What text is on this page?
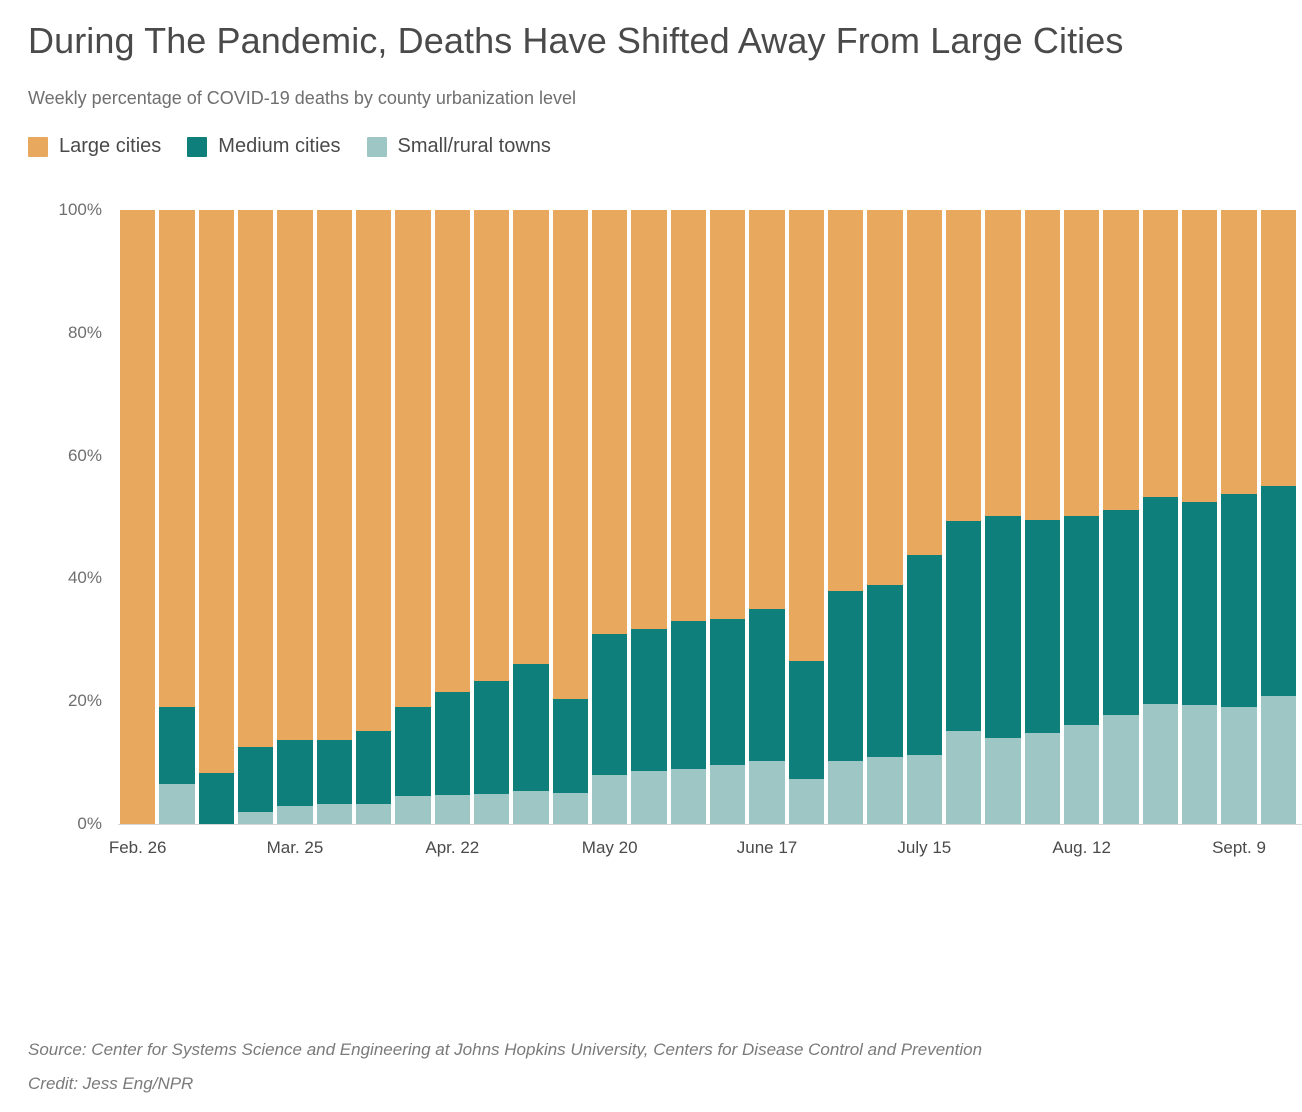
During The Pandemic, Deaths Have Shifted Away From Large Cities

Weekly percentage of COVID-19 deaths by county urbanization level

Large cities	Medium cities	Small/rural towns
0%
20%
40%
60%
80%
100%
Feb. 26	Mar. 25	Apr. 22	May 20	June 17	July 15	Aug. 12	Sept. 9

Source: Center for Systems Science and Engineering at Johns Hopkins University, Centers for Disease Control and Prevention

Credit: Jess Eng/NPR
